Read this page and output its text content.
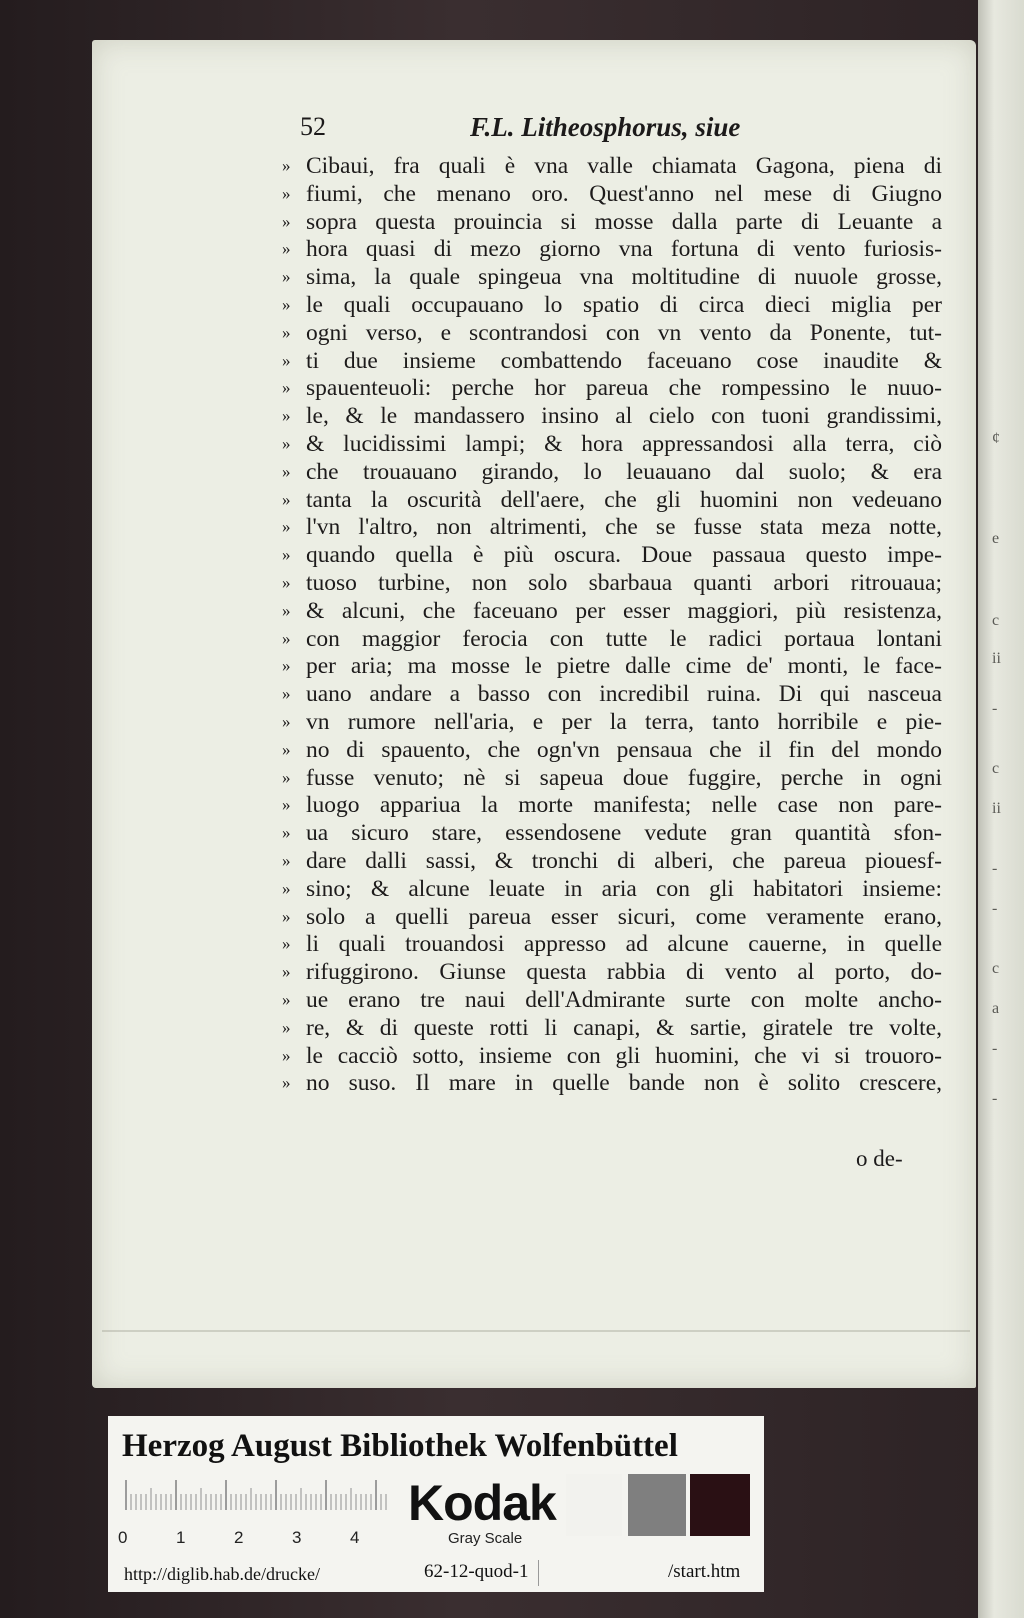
¢
e
c
ii
-
c
ii
-
-
c
a
-
-
52	F.L. Litheosphorus, siue
» Cibaui, fra quali è vna valle chiamata Gagona, piena di
» fiumi, che menano oro. Quest'anno nel mese di Giugno
» sopra questa prouincia si mosse dalla parte di Leuante a
» hora quasi di mezo giorno vna fortuna di vento furiosis-
» sima, la quale spingeua vna moltitudine di nuuole grosse,
» le quali occupauano lo spatio di circa dieci miglia per
» ogni verso, e scontrandosi con vn vento da Ponente, tut-
» ti due insieme combattendo faceuano cose inaudite &
» spauenteuoli: perche hor pareua che rompessino le nuuo-
» le, & le mandassero insino al cielo con tuoni grandissimi,
» & lucidissimi lampi; & hora appressandosi alla terra, ciò
» che trouauano girando, lo leuauano dal suolo; & era
» tanta la oscurità dell'aere, che gli huomini non vedeuano
» l'vn l'altro, non altrimenti, che se fusse stata meza notte,
» quando quella è più oscura. Doue passaua questo impe-
» tuoso turbine, non solo sbarbaua quanti arbori ritrouaua;
» & alcuni, che faceuano per esser maggiori, più resistenza,
» con maggior ferocia con tutte le radici portaua lontani
» per aria; ma mosse le pietre dalle cime de' monti, le face-
» uano andare a basso con incredibil ruina. Di qui nasceua
» vn rumore nell'aria, e per la terra, tanto horribile e pie-
» no di spauento, che ogn'vn pensaua che il fin del mondo
» fusse venuto; nè si sapeua doue fuggire, perche in ogni
» luogo appariua la morte manifesta; nelle case non pare-
» ua sicuro stare, essendosene vedute gran quantità sfon-
» dare dalli sassi, & tronchi di alberi, che pareua piouesf-
» sino; & alcune leuate in aria con gli habitatori insieme:
» solo a quelli pareua esser sicuri, come veramente erano,
» li quali trouandosi appresso ad alcune cauerne, in quelle
» rifuggirono. Giunse questa rabbia di vento al porto, do-
» ue erano tre naui dell'Admirante surte con molte ancho-
» re, & di queste rotti li canapi, & sartie, giratele tre volte,
» le cacciò sotto, insieme con gli huomini, che vi si trouoro-
» no suso. Il mare in quelle bande non è solito crescere,
o de-
Herzog August Bibliothek Wolfenbüttel
0	1	2	3	4
Kodak
Gray Scale
http://diglib.hab.de/drucke/	62-12-quod-1	/start.htm
